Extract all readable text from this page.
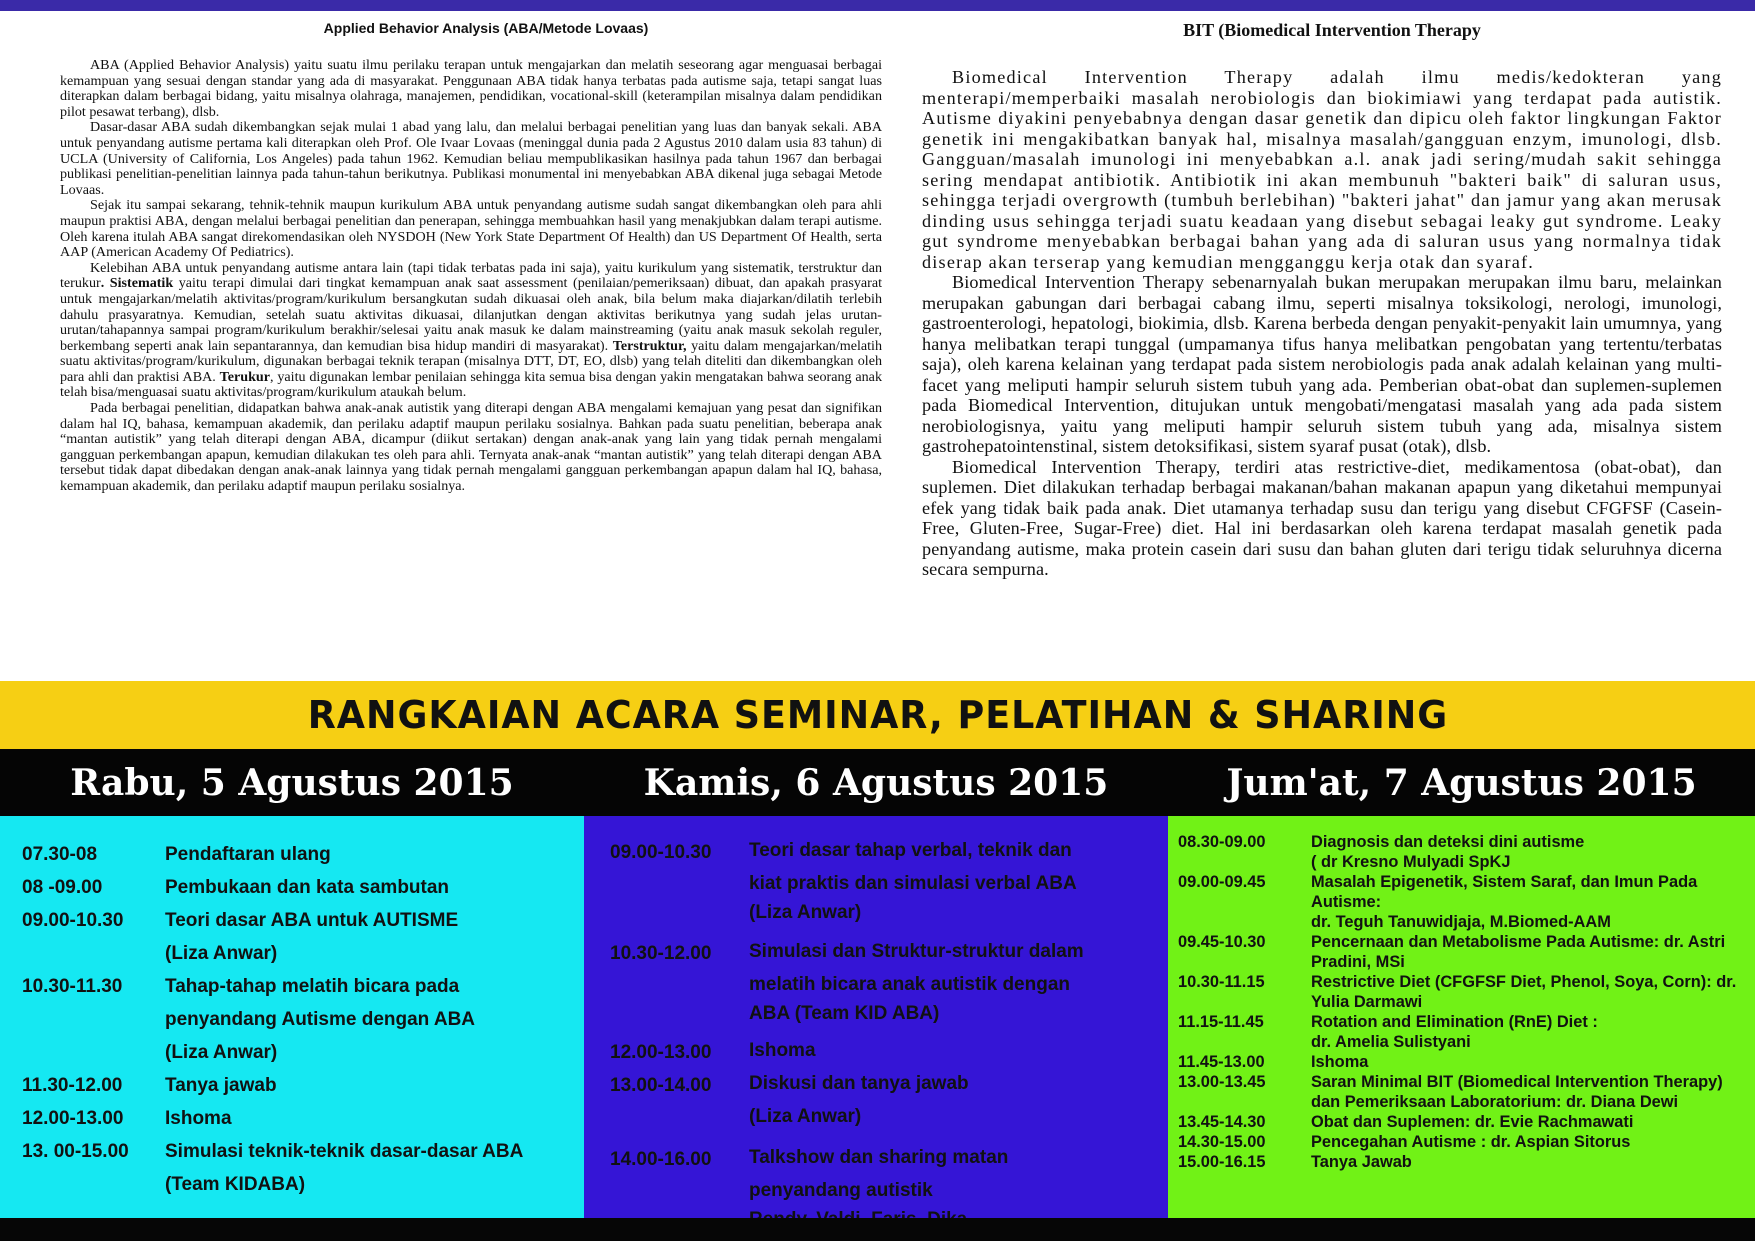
Applied Behavior Analysis (ABA/Metode Lovaas)

ABA (Applied Behavior Analysis) yaitu suatu ilmu perilaku terapan untuk mengajarkan dan melatih seseorang agar menguasai berbagai kemampuan yang sesuai dengan standar yang ada di masyarakat. Penggunaan ABA tidak hanya terbatas pada autisme saja, tetapi sangat luas diterapkan dalam berbagai bidang, yaitu misalnya olahraga, manajemen, pendidikan, vocational-skill (keterampilan misalnya dalam pendidikan pilot pesawat terbang), dlsb.

Dasar-dasar ABA sudah dikembangkan sejak mulai 1 abad yang lalu, dan melalui berbagai penelitian yang luas dan banyak sekali. ABA untuk penyandang autisme pertama kali diterapkan oleh Prof. Ole Ivaar Lovaas (meninggal dunia pada 2 Agustus 2010 dalam usia 83 tahun) di UCLA (University of California, Los Angeles) pada tahun 1962. Kemudian beliau mempublikasikan hasilnya pada tahun 1967 dan berbagai publikasi penelitian-penelitian lainnya pada tahun-tahun berikutnya. Publikasi monumental ini menyebabkan ABA dikenal juga sebagai Metode Lovaas.

Sejak itu sampai sekarang, tehnik-tehnik maupun kurikulum ABA untuk penyandang autisme sudah sangat dikembangkan oleh para ahli maupun praktisi ABA, dengan melalui berbagai penelitian dan penerapan, sehingga membuahkan hasil yang menakjubkan dalam terapi autisme. Oleh karena itulah ABA sangat direkomendasikan oleh NYSDOH (New York State Department Of Health) dan US Department Of Health, serta AAP (American Academy Of Pediatrics).

Kelebihan ABA untuk penyandang autisme antara lain (tapi tidak terbatas pada ini saja), yaitu kurikulum yang sistematik, terstruktur dan terukur. Sistematik yaitu terapi dimulai dari tingkat kemampuan anak saat assessment (penilaian/pemeriksaan) dibuat, dan apakah prasyarat untuk mengajarkan/melatih aktivitas/program/kurikulum bersangkutan sudah dikuasai oleh anak, bila belum maka diajarkan/dilatih terlebih dahulu prasyaratnya. Kemudian, setelah suatu aktivitas dikuasai, dilanjutkan dengan aktivitas berikutnya yang sudah jelas urutan-urutan/tahapannya sampai program/kurikulum berakhir/selesai yaitu anak masuk ke dalam mainstreaming (yaitu anak masuk sekolah reguler, berkembang seperti anak lain sepantarannya, dan kemudian bisa hidup mandiri di masyarakat). Terstruktur, yaitu dalam mengajarkan/melatih suatu aktivitas/program/kurikulum, digunakan berbagai teknik terapan (misalnya DTT, DT, EO, dlsb) yang telah diteliti dan dikembangkan oleh para ahli dan praktisi ABA. Terukur, yaitu digunakan lembar penilaian sehingga kita semua bisa dengan yakin mengatakan bahwa seorang anak telah bisa/menguasai suatu aktivitas/program/kurikulum ataukah belum.

Pada berbagai penelitian, didapatkan bahwa anak-anak autistik yang diterapi dengan ABA mengalami kemajuan yang pesat dan signifikan dalam hal IQ, bahasa, kemampuan akademik, dan perilaku adaptif maupun perilaku sosialnya. Bahkan pada suatu penelitian, beberapa anak “mantan autistik” yang telah diterapi dengan ABA, dicampur (diikut sertakan) dengan anak-anak yang lain yang tidak pernah mengalami gangguan perkembangan apapun, kemudian dilakukan tes oleh para ahli. Ternyata anak-anak “mantan autistik” yang telah diterapi dengan ABA tersebut tidak dapat dibedakan dengan anak-anak lainnya yang tidak pernah mengalami gangguan perkembangan apapun dalam hal IQ, bahasa, kemampuan akademik, dan perilaku adaptif maupun perilaku sosialnya.

BIT (Biomedical Intervention Therapy

Biomedical Intervention Therapy adalah ilmu medis/kedokteran yang menterapi/memperbaiki masalah nerobiologis dan biokimiawi yang terdapat pada autistik. Autisme diyakini penyebabnya dengan dasar genetik dan dipicu oleh faktor lingkungan Faktor genetik ini mengakibatkan banyak hal, misalnya masalah/gangguan enzym, imunologi, dlsb. Gangguan/masalah imunologi ini menyebabkan a.l. anak jadi sering/mudah sakit sehingga sering mendapat antibiotik. Antibiotik ini akan membunuh "bakteri baik" di saluran usus, sehingga terjadi overgrowth (tumbuh berlebihan) "bakteri jahat" dan jamur yang akan merusak dinding usus sehingga terjadi suatu keadaan yang disebut sebagai leaky gut syndrome. Leaky gut syndrome menyebabkan berbagai bahan yang ada di saluran usus yang normalnya tidak diserap akan terserap yang kemudian mengganggu kerja otak dan syaraf.

Biomedical Intervention Therapy sebenarnyalah bukan merupakan merupakan ilmu baru, melainkan merupakan gabungan dari berbagai cabang ilmu, seperti misalnya toksikologi, nerologi, imunologi, gastroenterologi, hepatologi, biokimia, dlsb. Karena berbeda dengan penyakit-penyakit lain umumnya, yang hanya melibatkan terapi tunggal (umpamanya tifus hanya melibatkan pengobatan yang tertentu/terbatas saja), oleh karena kelainan yang terdapat pada sistem nerobiologis pada anak adalah kelainan yang multi-facet yang meliputi hampir seluruh sistem tubuh yang ada. Pemberian obat-obat dan suplemen-suplemen pada Biomedical Intervention, ditujukan untuk mengobati/mengatasi masalah yang ada pada sistem nerobiologisnya, yaitu yang meliputi hampir seluruh sistem tubuh yang ada, misalnya sistem gastrohepatointenstinal, sistem detoksifikasi, sistem syaraf pusat (otak), dlsb.

Biomedical Intervention Therapy, terdiri atas restrictive-diet, medikamentosa (obat-obat), dan suplemen. Diet dilakukan terhadap berbagai makanan/bahan makanan apapun yang diketahui mempunyai efek yang tidak baik pada anak. Diet utamanya terhadap susu dan terigu yang disebut CFGFSF (Casein-Free, Gluten-Free, Sugar-Free) diet. Hal ini berdasarkan oleh karena terdapat masalah genetik pada penyandang autisme, maka protein casein dari susu dan bahan gluten dari terigu tidak seluruhnya dicerna secara sempurna.

RANGKAIAN ACARA SEMINAR, PELATIHAN & SHARING
Rabu, 5 Agustus 2015	Kamis, 6 Agustus 2015	Jum'at, 7 Agustus 2015
07.30-08	Pendaftaran ulang
08 -09.00	Pembukaan dan kata sambutan
09.00-10.30	Teori dasar ABA untuk AUTISME
(Liza Anwar)
10.30-11.30	Tahap-tahap melatih bicara pada
penyandang Autisme dengan ABA
(Liza Anwar)
11.30-12.00	Tanya jawab
12.00-13.00	Ishoma
13. 00-15.00	Simulasi teknik-teknik dasar-dasar ABA
(Team KIDABA)
09.00-10.30	Teori dasar tahap verbal, teknik dan
kiat praktis dan simulasi verbal ABA
(Liza Anwar)
10.30-12.00	Simulasi dan Struktur-struktur dalam
melatih bicara anak autistik dengan
ABA (Team KID ABA)
12.00-13.00	Ishoma
13.00-14.00	Diskusi dan tanya jawab
(Liza Anwar)
14.00-16.00	Talkshow dan sharing matan
penyandang autistik
08.30-09.00	Diagnosis dan deteksi dini autisme
( dr Kresno Mulyadi SpKJ
09.00-09.45	Masalah Epigenetik, Sistem Saraf, dan Imun Pada Autisme:
dr. Teguh Tanuwidjaja, M.Biomed-AAM
09.45-10.30	Pencernaan dan Metabolisme Pada Autisme: dr. Astri Pradini, MSi
10.30-11.15	Restrictive Diet (CFGFSF Diet, Phenol, Soya, Corn): dr. Yulia Darmawi
11.15-11.45	Rotation and Elimination (RnE) Diet :
dr. Amelia Sulistyani
11.45-13.00	Ishoma
13.00-13.45	Saran Minimal BIT (Biomedical Intervention Therapy) dan Pemeriksaan Laboratorium: dr. Diana Dewi
13.45-14.30	Obat dan Suplemen: dr. Evie Rachmawati
14.30-15.00	Pencegahan Autisme : dr. Aspian Sitorus
15.00-16.15	Tanya Jawab
